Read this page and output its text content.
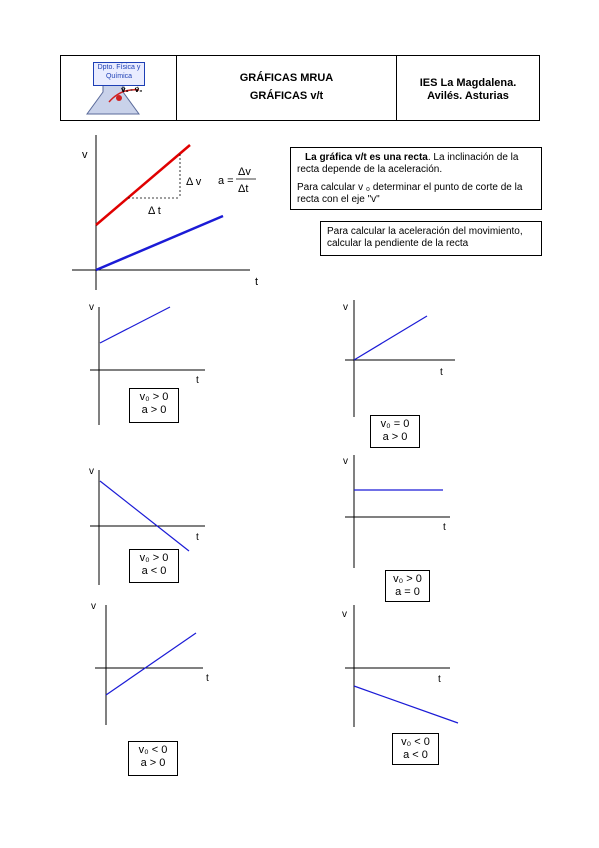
Dpto. Física y Química
v⃗₁ - v⃗₀
GRÁFICAS MRUA
GRÁFICAS v/t
IES La Magdalena.
Avilés. Asturias
v
t
Δ v
Δ t
a =
Δv
Δt
La gráfica v/t es una recta. La inclinación de la recta depende de la aceleración.
Para calcular v ₀ determinar el punto de corte de la recta con el eje "v"
Para calcular la aceleración del movimiento, calcular la pendiente de la recta
v
t
v₀ > 0
a > 0
v
t
v₀ = 0
a > 0
v
t
v₀ > 0
a < 0
v
t
v₀ > 0
a = 0
v
t
v₀ < 0
a > 0
v
t
v₀ < 0
a < 0
